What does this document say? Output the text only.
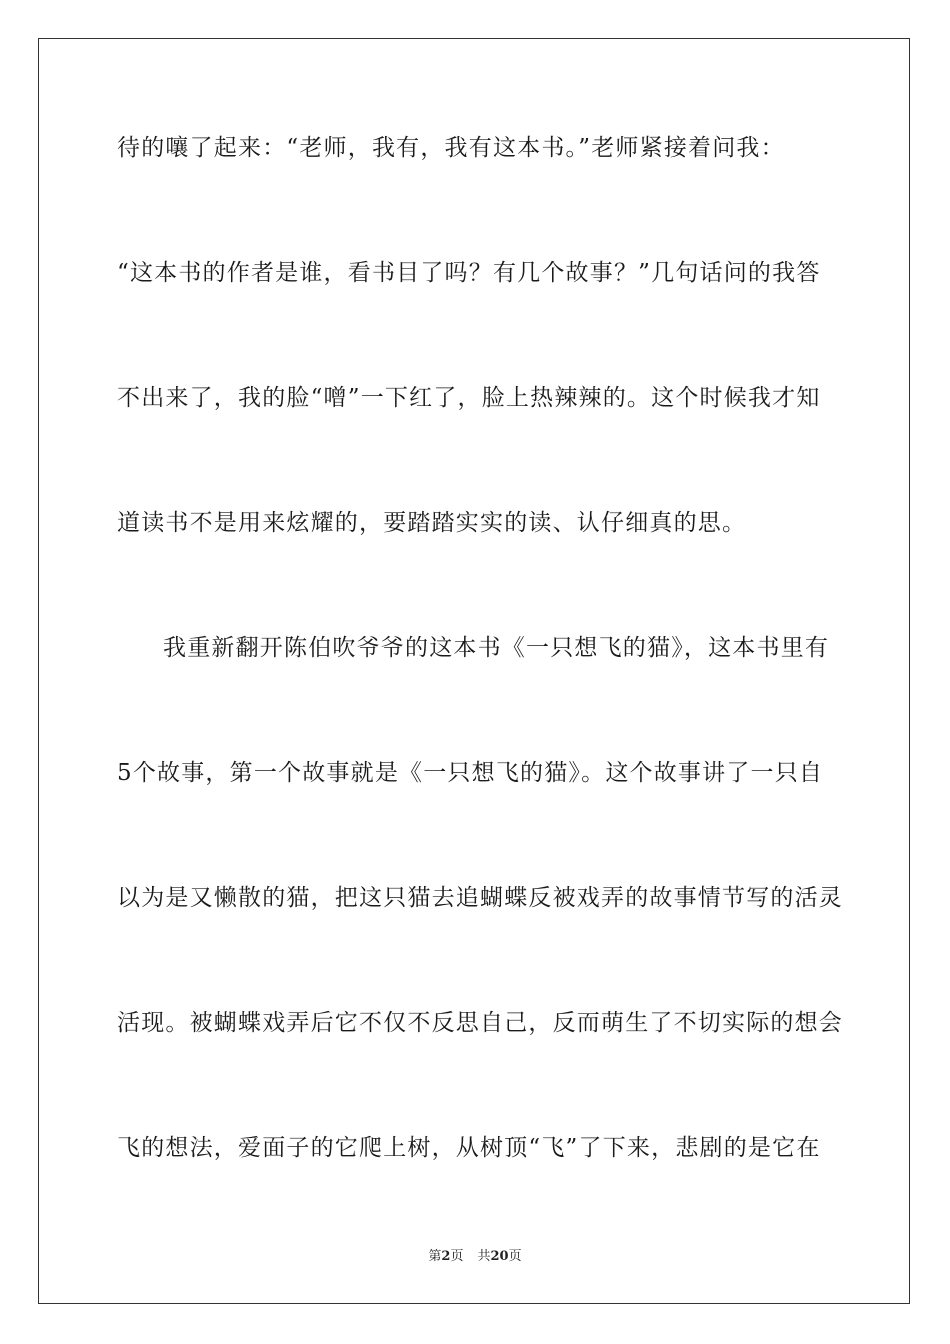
待的嚷了起来：“老师，我有，我有这本书。”老师紧接着问我：
“这本书的作者是谁，看书目了吗？有几个故事？”几句话问的我答
不出来了，我的脸“噌”一下红了，脸上热辣辣的。这个时候我才知
道读书不是用来炫耀的，要踏踏实实的读、认仔细真的思。
我重新翻开陈伯吹爷爷的这本书《一只想飞的猫》，这本书里有
5个故事，第一个故事就是《一只想飞的猫》。这个故事讲了一只自
以为是又懒散的猫，把这只猫去追蝴蝶反被戏弄的故事情节写的活灵
活现。被蝴蝶戏弄后它不仅不反思自己，反而萌生了不切实际的想会
飞的想法，爱面子的它爬上树，从树顶“飞”了下来，悲剧的是它在
第2页 共20页
